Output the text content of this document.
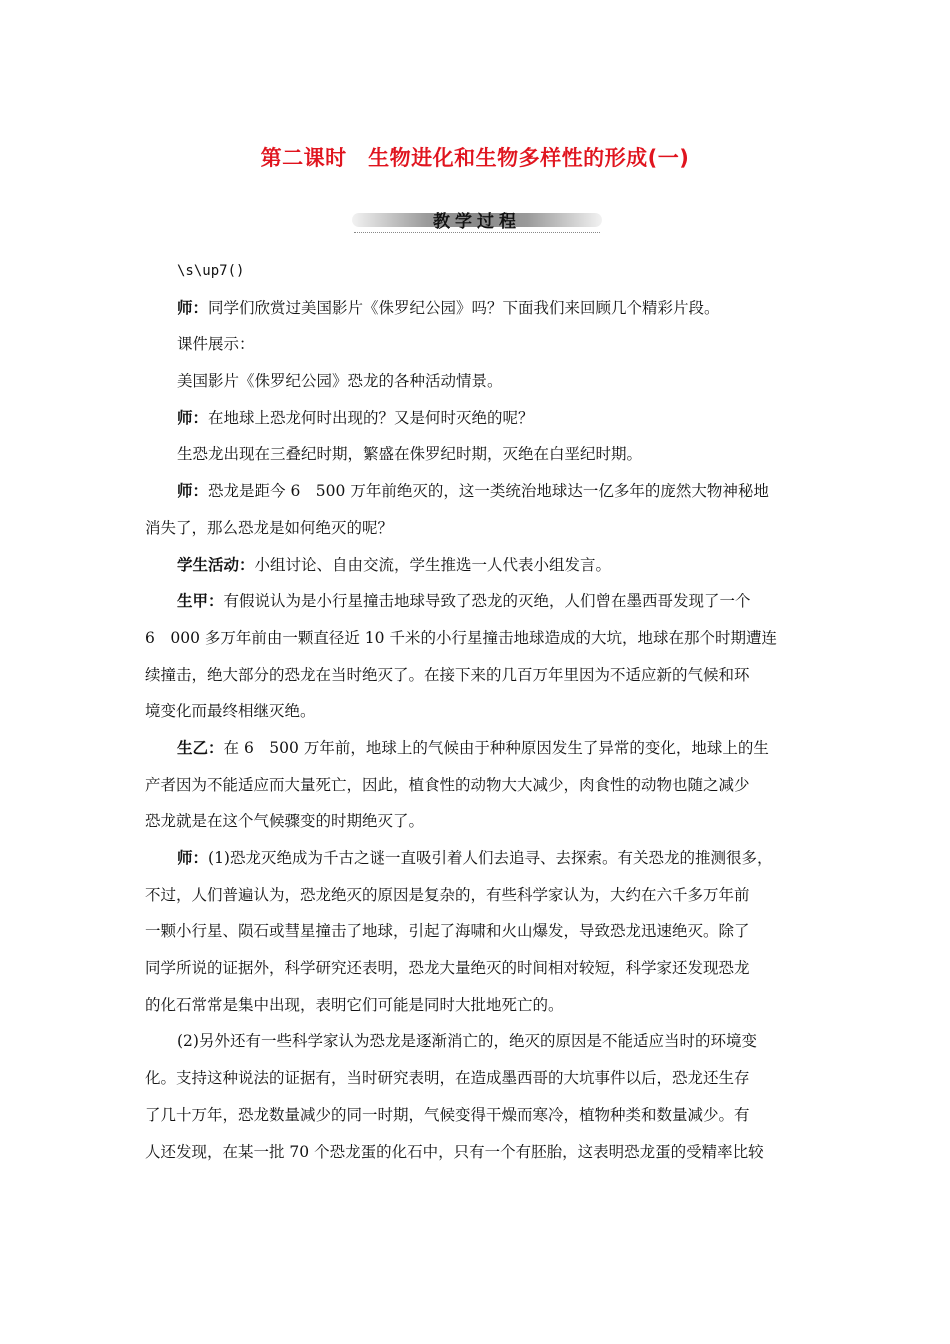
第二课时　生物进化和生物多样性的形成(一)
教学过程
\s\up7()
师：同学们欣赏过美国影片《侏罗纪公园》吗？下面我们来回顾几个精彩片段。
课件展示：
美国影片《侏罗纪公园》恐龙的各种活动情景。
师：在地球上恐龙何时出现的？又是何时灭绝的呢？
生恐龙出现在三叠纪时期，繁盛在侏罗纪时期，灭绝在白垩纪时期。
师：恐龙是距今 6　500 万年前绝灭的，这一类统治地球达一亿多年的庞然大物神秘地
消失了，那么恐龙是如何绝灭的呢？
学生活动：小组讨论、自由交流，学生推选一人代表小组发言。
生甲：有假说认为是小行星撞击地球导致了恐龙的灭绝，人们曾在墨西哥发现了一个
6　000 多万年前由一颗直径近 10 千米的小行星撞击地球造成的大坑，地球在那个时期遭连
续撞击，绝大部分的恐龙在当时绝灭了。在接下来的几百万年里因为不适应新的气候和环
境变化而最终相继灭绝。
生乙：在 6　500 万年前，地球上的气候由于种种原因发生了异常的变化，地球上的生
产者因为不能适应而大量死亡，因此，植食性的动物大大减少，肉食性的动物也随之减少
恐龙就是在这个气候骤变的时期绝灭了。
师：(1)恐龙灭绝成为千古之谜一直吸引着人们去追寻、去探索。有关恐龙的推测很多，
不过，人们普遍认为，恐龙绝灭的原因是复杂的，有些科学家认为，大约在六千多万年前
一颗小行星、陨石或彗星撞击了地球，引起了海啸和火山爆发，导致恐龙迅速绝灭。除了
同学所说的证据外，科学研究还表明，恐龙大量绝灭的时间相对较短，科学家还发现恐龙
的化石常常是集中出现，表明它们可能是同时大批地死亡的。
(2)另外还有一些科学家认为恐龙是逐渐消亡的，绝灭的原因是不能适应当时的环境变
化。支持这种说法的证据有，当时研究表明，在造成墨西哥的大坑事件以后，恐龙还生存
了几十万年，恐龙数量减少的同一时期，气候变得干燥而寒冷，植物种类和数量减少。有
人还发现，在某一批 70 个恐龙蛋的化石中，只有一个有胚胎，这表明恐龙蛋的受精率比较
